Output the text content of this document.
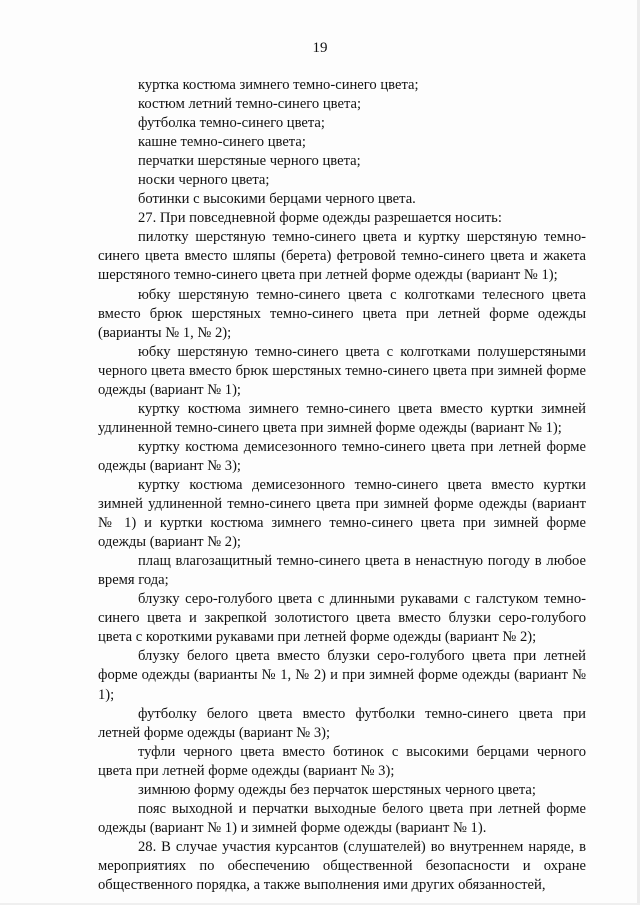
19

куртка костюма зимнего темно-синего цвета;

костюм летний темно-синего цвета;

футболка темно-синего цвета;

кашне темно-синего цвета;

перчатки шерстяные черного цвета;

носки черного цвета;

ботинки с высокими берцами черного цвета.

27. При повседневной форме одежды разрешается носить:

пилотку шерстяную темно-синего цвета и куртку шерстяную темно-синего цвета вместо шляпы (берета) фетровой темно-синего цвета и жакета шерстяного темно-синего цвета при летней форме одежды (вариант № 1);

юбку шерстяную темно-синего цвета с колготками телесного цвета вместо брюк шерстяных темно-синего цвета при летней форме одежды (варианты № 1, № 2);

юбку шерстяную темно-синего цвета с колготками полушерстяными черного цвета вместо брюк шерстяных темно-синего цвета при зимней форме одежды (вариант № 1);

куртку костюма зимнего темно-синего цвета вместо куртки зимней удлиненной темно-синего цвета при зимней форме одежды (вариант № 1);

куртку костюма демисезонного темно-синего цвета при летней форме одежды (вариант № 3);

куртку костюма демисезонного темно-синего цвета вместо куртки зимней удлиненной темно-синего цвета при зимней форме одежды (вариант № 1) и куртки костюма зимнего темно-синего цвета при зимней форме одежды (вариант № 2);

плащ влагозащитный темно-синего цвета в ненастную погоду в любое время года;

блузку серо-голубого цвета с длинными рукавами с галстуком темно-синего цвета и закрепкой золотистого цвета вместо блузки серо-голубого цвета с короткими рукавами при летней форме одежды (вариант № 2);

блузку белого цвета вместо блузки серо-голубого цвета при летней форме одежды (варианты № 1, № 2) и при зимней форме одежды (вариант № 1);

футболку белого цвета вместо футболки темно-синего цвета при летней форме одежды (вариант № 3);

туфли черного цвета вместо ботинок с высокими берцами черного цвета при летней форме одежды (вариант № 3);

зимнюю форму одежды без перчаток шерстяных черного цвета;

пояс выходной и перчатки выходные белого цвета при летней форме одежды (вариант № 1) и зимней форме одежды (вариант № 1).

28. В случае участия курсантов (слушателей) во внутреннем наряде, в мероприятиях по обеспечению общественной безопасности и охране общественного порядка, а также выполнения ими других обязанностей,
